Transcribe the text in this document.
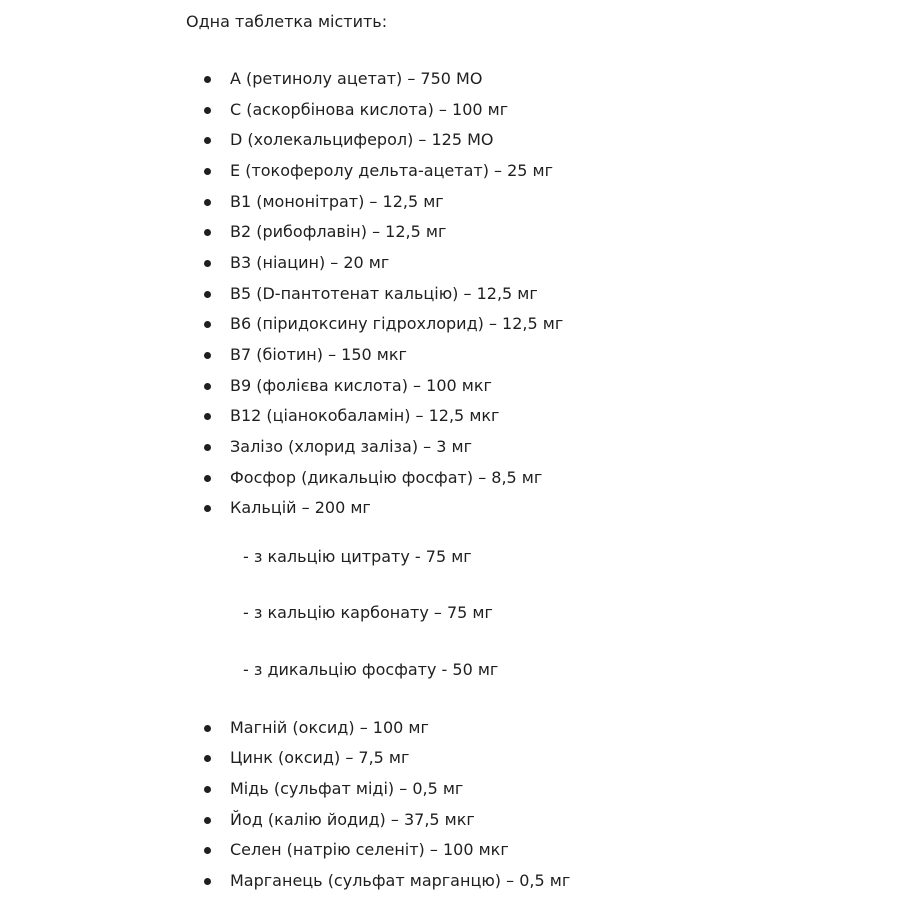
Одна таблетка містить:
A (ретинолу ацетат) – 750 МО
C (аскорбінова кислота) – 100 мг
D (холекальциферол) – 125 МО
E (токоферолу дельта-ацетат) – 25 мг
B1 (мононітрат) – 12,5 мг
B2 (рибофлавін) – 12,5 мг
B3 (ніацин) – 20 мг
B5 (D-пантотенат кальцію) – 12,5 мг
B6 (піридоксину гідрохлорид) – 12,5 мг
B7 (біотин) – 150 мкг
B9 (фолієва кислота) – 100 мкг
B12 (ціанокобаламін) – 12,5 мкг
Залізо (хлорид заліза) – 3 мг
Фосфор (дикальцію фосфат) – 8,5 мг
Кальцій – 200 мг
- з кальцію цитрату - 75 мг
- з кальцію карбонату – 75 мг
- з дикальцію фосфату - 50 мг
Магній (оксид) – 100 мг
Цинк (оксид) – 7,5 мг
Мідь (сульфат міді) – 0,5 мг
Йод (калію йодид) – 37,5 мкг
Селен (натрію селеніт) – 100 мкг
Марганець (сульфат марганцю) – 0,5 мг
